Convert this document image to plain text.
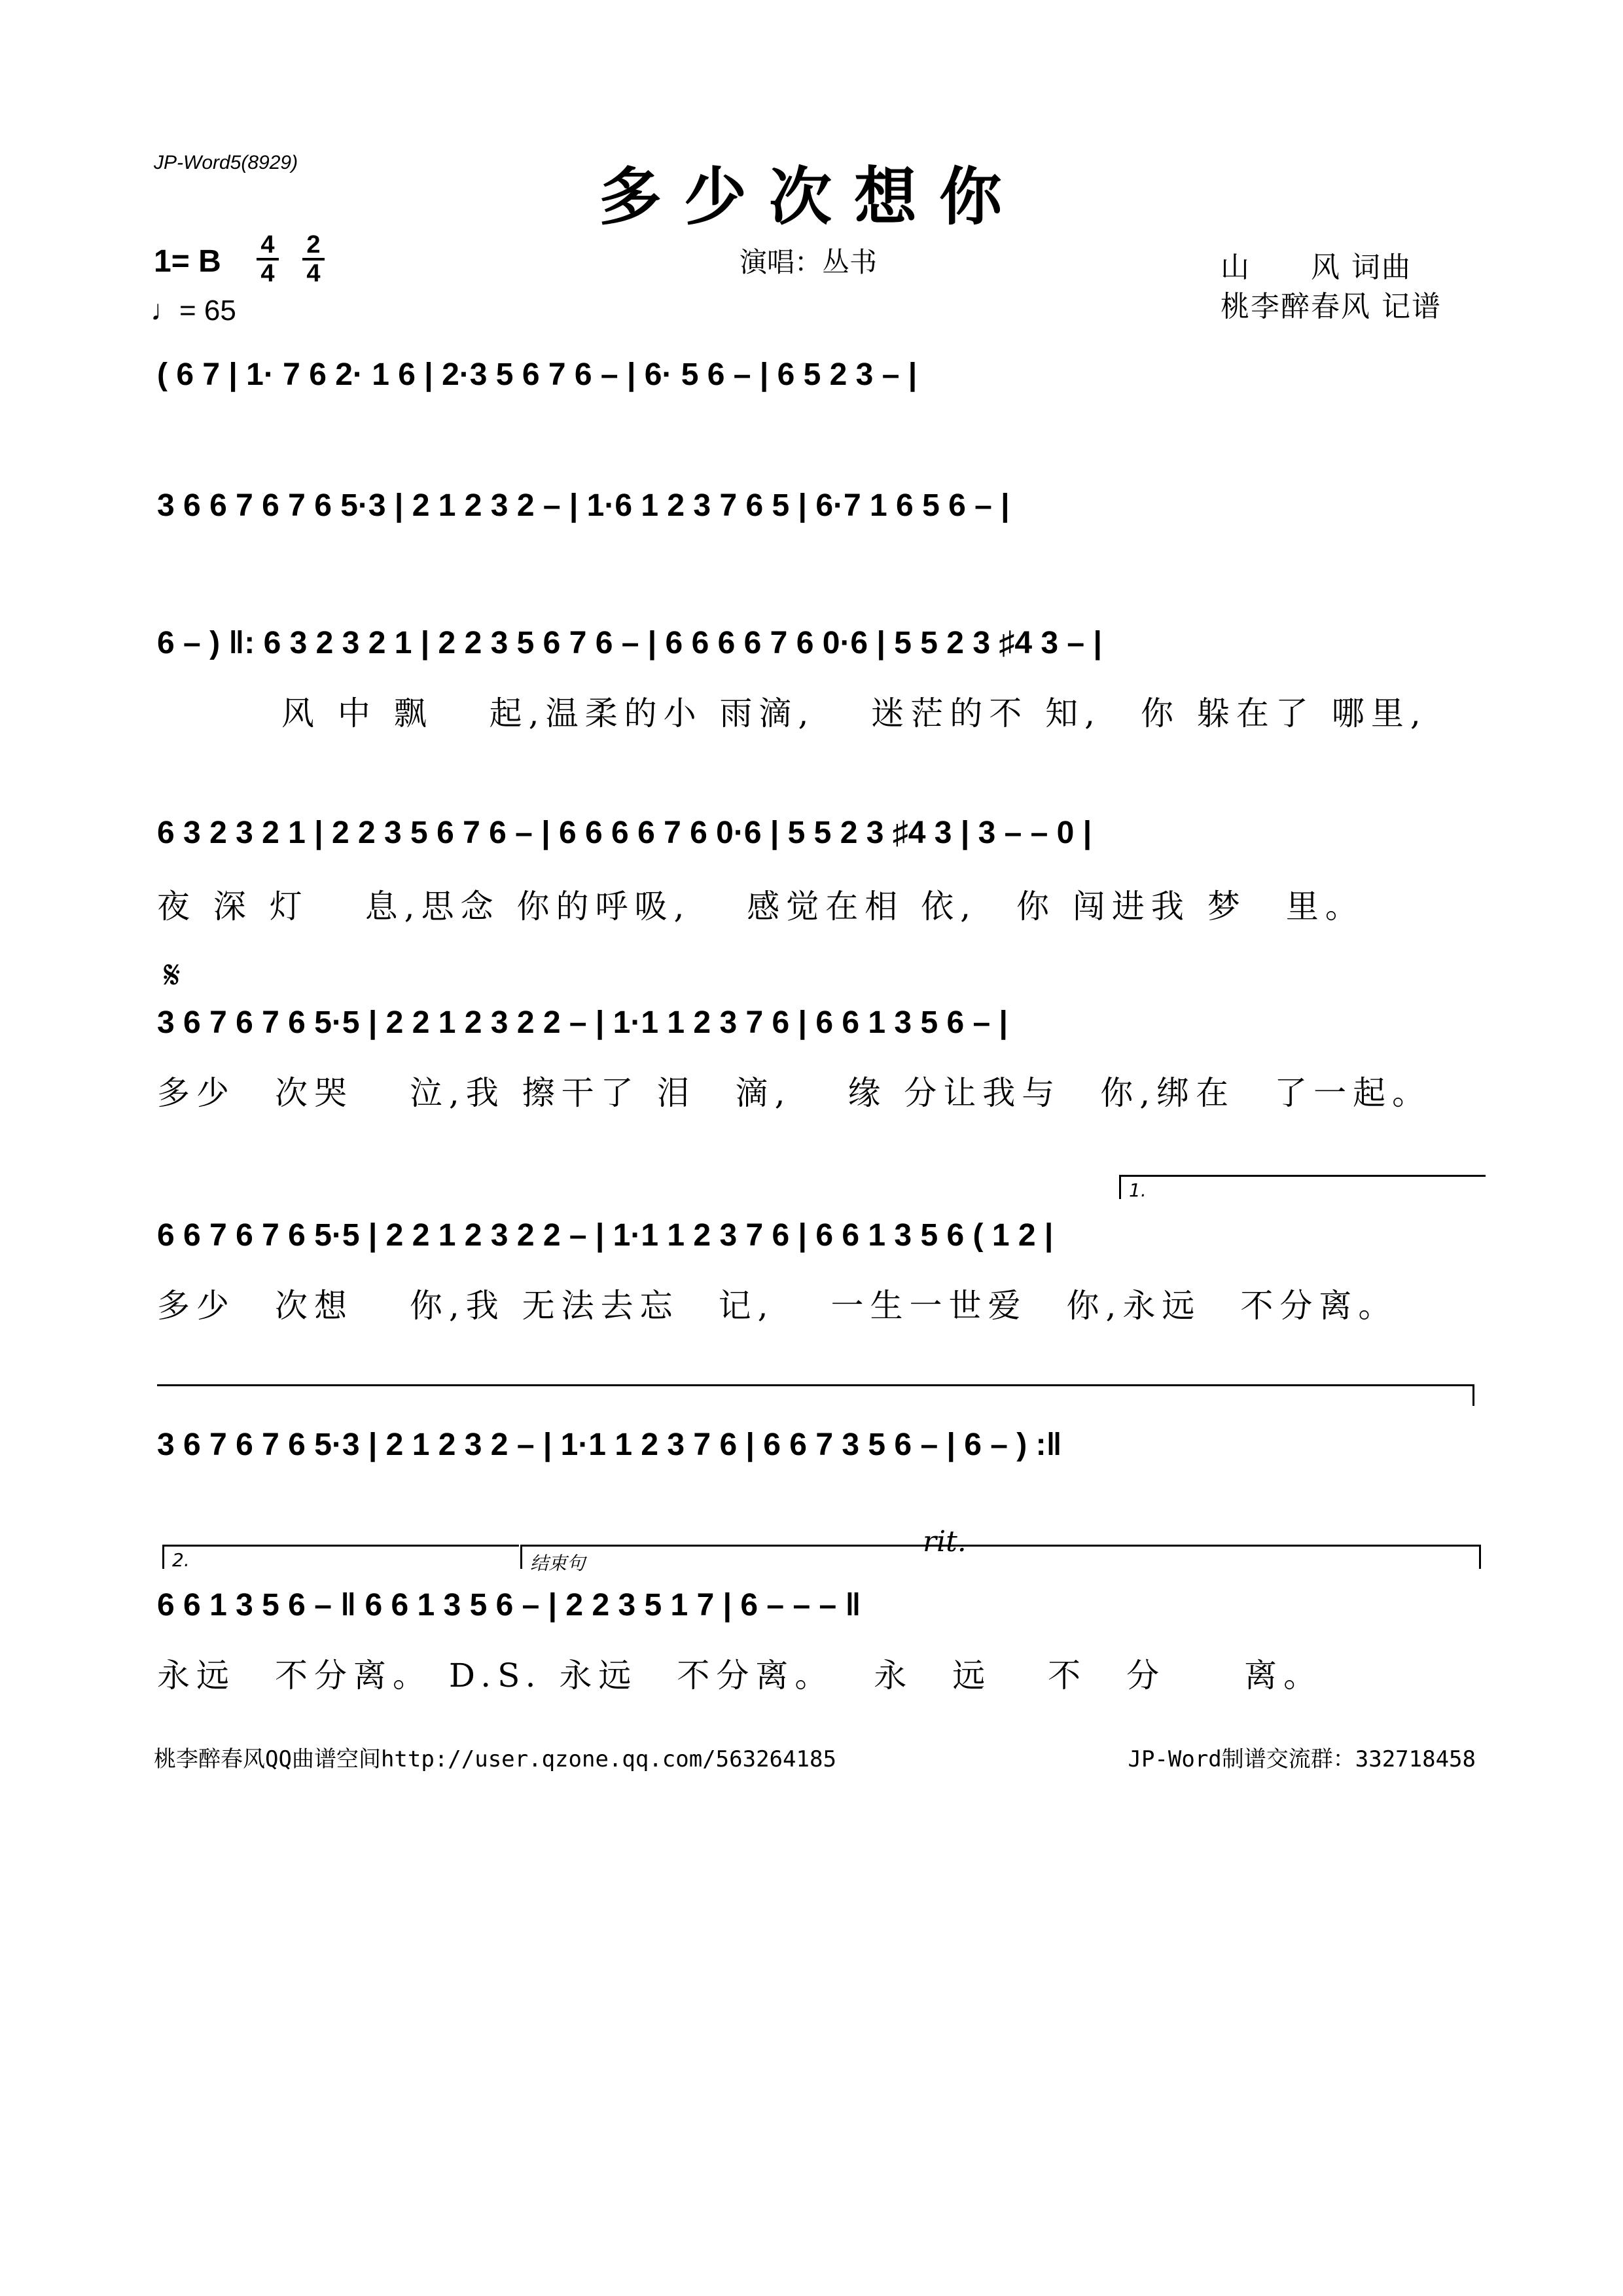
JP-Word5(8929)	多少次想你
演唱：丛书	山　　风 词曲
桃李醉春风 记谱
1= B 4
4
2
4
♩= 65
( 6 7 | 1· 7 6 2· 1 6 | 2·3 5 6 7 6 – | 6· 5 6 – | 6 5 2 3 – |
3 6 6 7 6 7 6 5·3 | 2 1 2 3 2 – | 1·6 1 2 3 7 6 5 | 6·7 1 6 5 6 – |
6 – ) ‖: 6 3 2 3 2 1 | 2 2 3 5 6 7 6 – | 6 6 6 6 7 6 0·6 | 5 5 2 3 ♯4 3 – |
风 中 飘　 起,温柔的小 雨滴,　 迷茫的不 知,　你 躲在了 哪里,
6 3 2 3 2 1 | 2 2 3 5 6 7 6 – | 6 6 6 6 7 6 0·6 | 5 5 2 3 ♯4 3 | 3 – – 0 |
夜 深 灯　 息,思念 你的呼吸,　 感觉在相 依,　你 闯进我 梦　里。
𝄋
3 6 7 6 7 6 5·5 | 2 2 1 2 3 2 2 – | 1·1 1 2 3 7 6 | 6 6 1 3 5 6 – |
多少　次哭　 泣,我 擦干了 泪　滴,　 缘 分让我与　你,绑在　了一起。
1.
6 6 7 6 7 6 5·5 | 2 2 1 2 3 2 2 – | 1·1 1 2 3 7 6 | 6 6 1 3 5 6 ( 1 2 |
多少　次想　 你,我 无法去忘　记,　 一生一世爱　你,永远　不分离。
3 6 7 6 7 6 5·3 | 2 1 2 3 2 – | 1·1 1 2 3 7 6 | 6 6 7 3 5 6 – | 6 – ) :‖
2.	结束句
rit.
6 6 1 3 5 6 – ‖ 6 6 1 3 5 6 – | 2 2 3 5 1 7 | 6 – – – ‖
永远　不分离。 D.S. 永远　不分离。　 永　远　 不　分　　离。
桃李醉春风QQ曲谱空间http://user.qzone.qq.com/563264185	JP-Word制谱交流群：332718458
